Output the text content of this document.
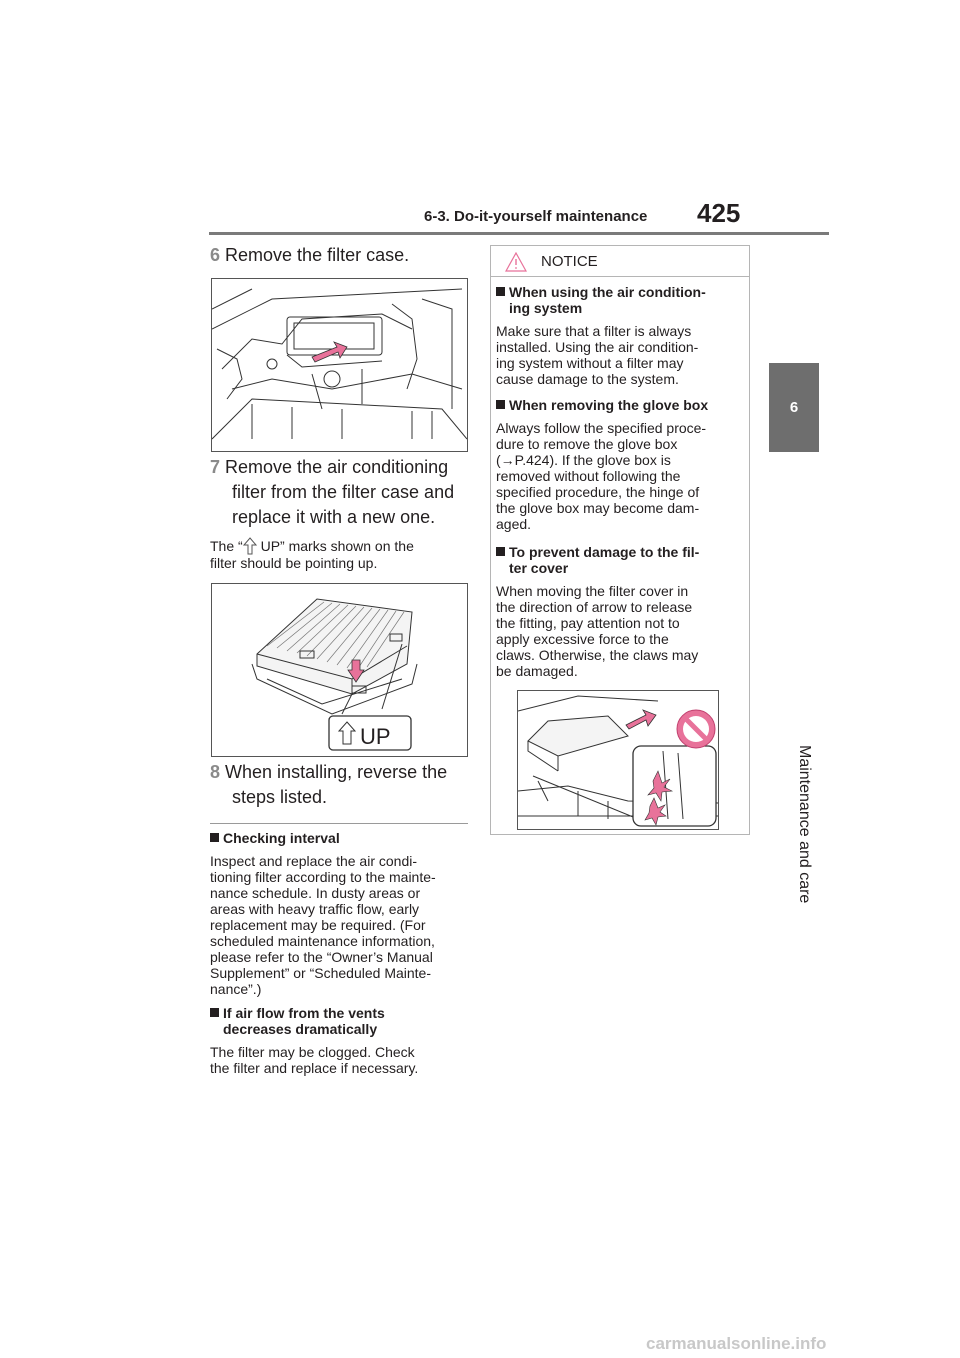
6-3. Do-it-yourself maintenance 425
6
Maintenance and care
6 Remove the filter case.
7 Remove the air conditioning
filter from the filter case and
replace it with a new one.
The “ UP” marks shown on the
filter should be pointing up.
UP
8 When installing, reverse the
steps listed.
Checking interval
Inspect and replace the air condi-
tioning filter according to the mainte-
nance schedule. In dusty areas or
areas with heavy traffic flow, early
replacement may be required. (For
scheduled maintenance information,
please refer to the “Owner’s Manual
Supplement” or “Scheduled Mainte-
nance”.)
If air flow from the vents
decreases dramatically
The filter may be clogged. Check
the filter and replace if necessary.
NOTICE
When using the air condition-
ing system
Make sure that a filter is always
installed. Using the air condition-
ing system without a filter may
cause damage to the system.
When removing the glove box
Always follow the specified proce-
dure to remove the glove box
(→P.424). If the glove box is
removed without following the
specified procedure, the hinge of
the glove box may become dam-
aged.
To prevent damage to the fil-
ter cover
When moving the filter cover in
the direction of arrow to release
the fitting, pay attention not to
apply excessive force to the
claws. Otherwise, the claws may
be damaged.
carmanualsonline.info
